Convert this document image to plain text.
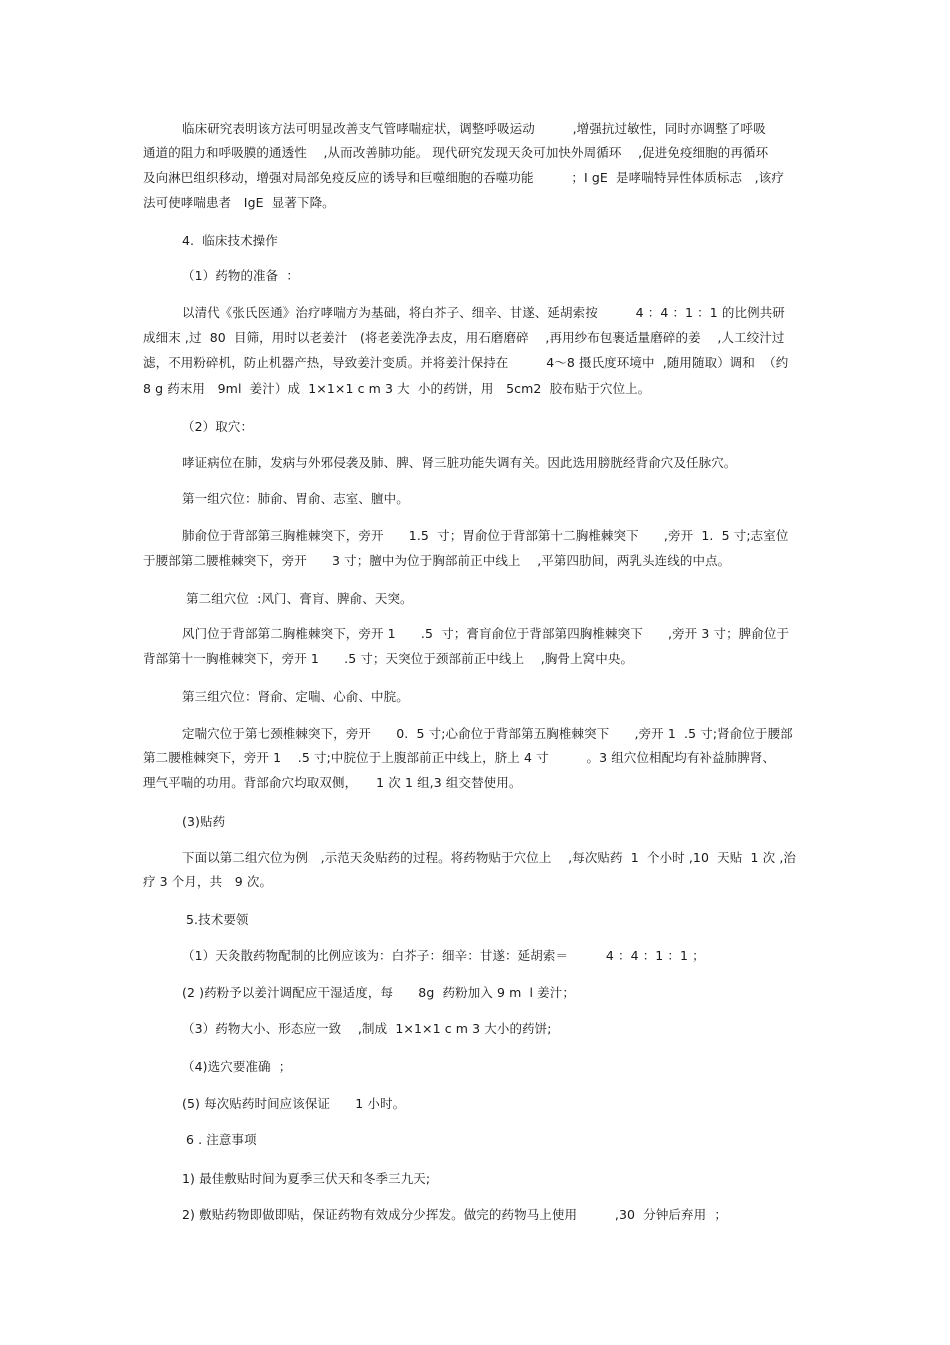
临床研究表明该方法可明显改善支气管哮喘症状，调整呼吸运动　　　,增强抗过敏性，同时亦调整了呼吸
通道的阻力和呼吸膜的通透性　 ,从而改善肺功能。 现代研究发现天灸可加快外周循环　 ,促进免疫细胞的再循环
及向淋巴组织移动，增强对局部免疫反应的诱导和巨噬细胞的吞噬功能　　　；I gE  是哮喘特异性体质标志　,该疗
法可使哮喘患者　IgE  显著下降。
4.  临床技术操作
（1）药物的准备  ：
以清代《张氏医通》治疗哮喘方为基础，将白芥子、细辛、甘遂、延胡索按　　　4 ：4 ：1 ：1 的比例共研
成细末 ,过  80  目筛，用时以老姜汁　(将老姜洗净去皮，用石磨磨碎　 ,再用纱布包裹适量磨碎的姜　 ,人工绞汁过
滤，不用粉碎机，防止机器产热，导致姜汁变质。并将姜汁保持在　　　4～8 摄氏度环境中  ,随用随取）调和  （约
8 g 药末用　9ml  姜汁）成  1×1×1 c m 3 大  小的药饼，用　5cm2  胶布贴于穴位上。
（2）取穴：
哮证病位在肺，发病与外邪侵袭及肺、脾、肾三脏功能失调有关。因此选用膀胱经背俞穴及任脉穴。
第一组穴位：肺俞、胃俞、志室、膻中。
肺俞位于背部第三胸椎棘突下，旁开　　1.5  寸；胃俞位于背部第十二胸椎棘突下　　,旁开  1.  5 寸;志室位
于腰部第二腰椎棘突下，旁开　　3 寸；膻中为位于胸部前正中线上　 ,平第四肋间，两乳头连线的中点。
第二组穴位  :风门、膏肓、脾俞、天突。
风门位于背部第二胸椎棘突下，旁开 1　　.5  寸；膏肓俞位于背部第四胸椎棘突下　　,旁开 3 寸；脾俞位于
背部第十一胸椎棘突下，旁开 1　　.5 寸；天突位于颈部前正中线上　 ,胸骨上窝中央。
第三组穴位：肾俞、定喘、心俞、中脘。
定喘穴位于第七颈椎棘突下，旁开　　0.  5 寸;心俞位于背部第五胸椎棘突下　　,旁开 1  .5 寸;肾俞位于腰部
第二腰椎棘突下，旁开 1　 .5 寸;中脘位于上腹部前正中线上，脐上 4 寸　　　。3 组穴位相配均有补益肺脾肾、
理气平喘的功用。背部俞穴均取双侧，　　1 次 1 组,3 组交替使用。
(3)贴药
下面以第二组穴位为例　,示范天灸贴药的过程。将药物贴于穴位上　 ,每次贴药  1  个小时 ,10  天贴  1 次 ,治
疗 3 个月，共　9 次。
5.技术要领
（1）天灸散药物配制的比例应该为：白芥子：细辛：甘遂：延胡索＝　　　4 ：4 ：1 ：1 ；
(2 )药粉予以姜汁调配应干湿适度，每　　8g  药粉加入 9 m  l 姜汁；
（3）药物大小、形态应一致　 ,制成  1×1×1 c m 3 大小的药饼;
（4)选穴要准确  ；
(5) 每次贴药时间应该保证　　1 小时。
6 . 注意事项
1) 最佳敷贴时间为夏季三伏天和冬季三九天;
2) 敷贴药物即做即贴，保证药物有效成分少挥发。做完的药物马上使用　　　,30  分钟后弃用  ；
